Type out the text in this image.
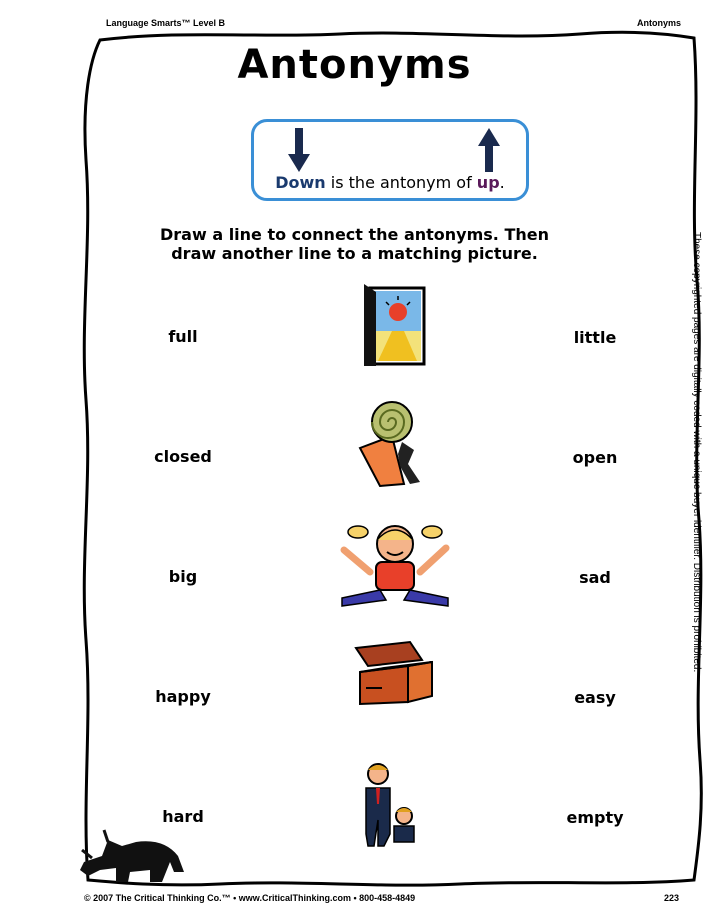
Language Smarts™ Level B	Antonyms
Antonyms
Down is the antonym of up.
Draw a line to connect the antonyms. Then
draw another line to a matching picture.
full
closed
big
happy
hard
little
open
sad
easy
empty
These copyrighted pages are digitally coded with a unique buyer identifier. Distribution is prohibited.
© 2007 The Critical Thinking Co.™ • www.CriticalThinking.com • 800-458-4849	223
